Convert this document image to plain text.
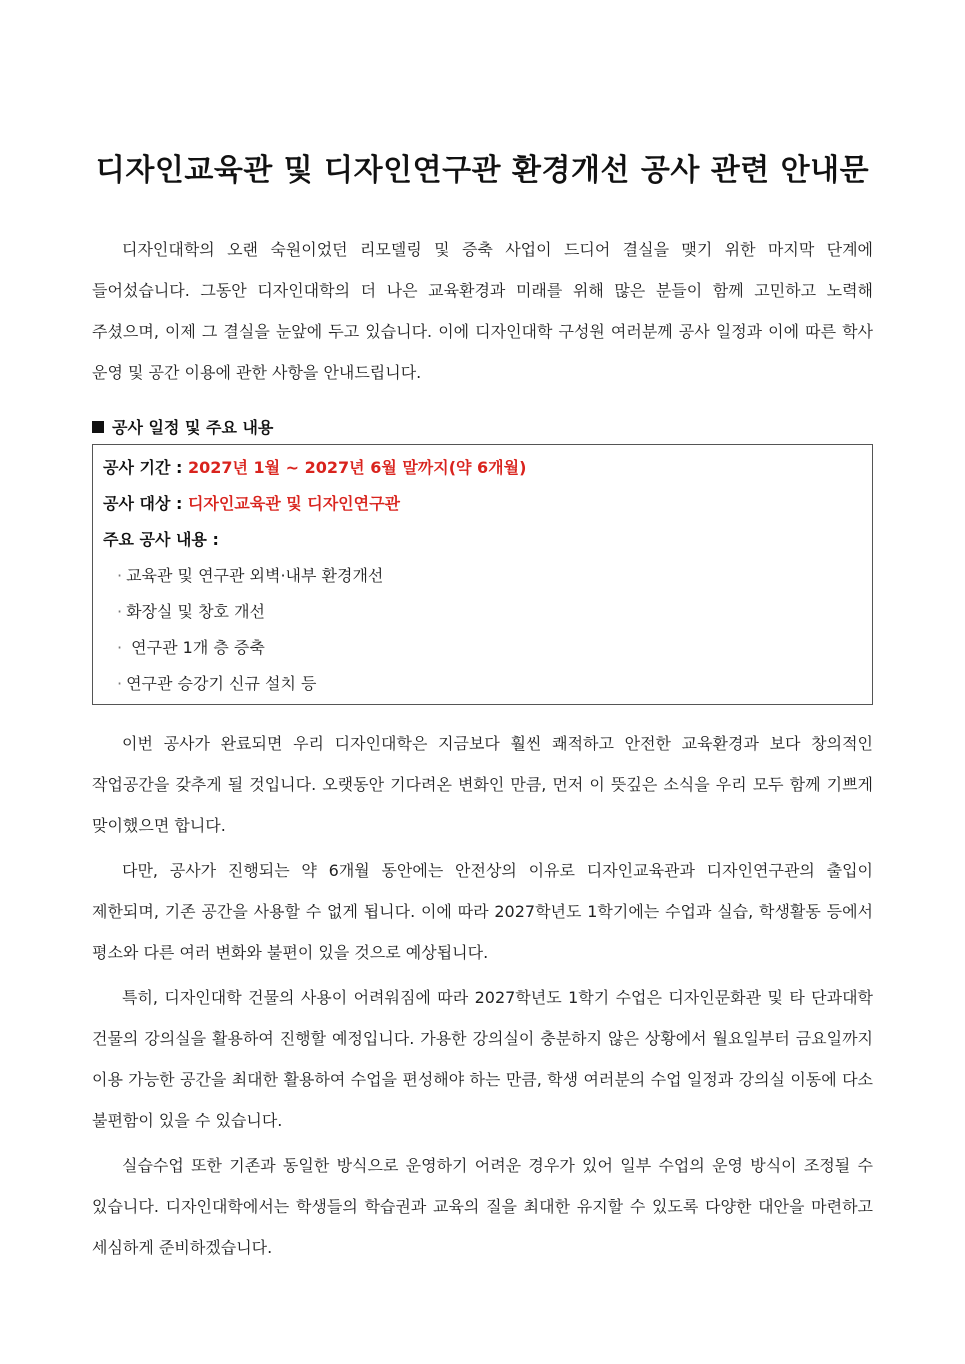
디자인교육관 및 디자인연구관 환경개선 공사 관련 안내문

디자인대학의 오랜 숙원이었던 리모델링 및 증축 사업이 드디어 결실을 맺기 위한 마지막 단계에 들어섰습니다. 그동안 디자인대학의 더 나은 교육환경과 미래를 위해 많은 분들이 함께 고민하고 노력해 주셨으며, 이제 그 결실을 눈앞에 두고 있습니다. 이에 디자인대학 구성원 여러분께 공사 일정과 이에 따른 학사 운영 및 공간 이용에 관한 사항을 안내드립니다.

공사 일정 및 주요 내용
공사 기간 : 2027년 1월 ~ 2027년 6월 말까지(약 6개월)
공사 대상 : 디자인교육관 및 디자인연구관
주요 공사 내용 :
· 교육관 및 연구관 외벽·내부 환경개선
· 화장실 및 창호 개선
· 연구관 1개 층 증축
· 연구관 승강기 신규 설치 등

이번 공사가 완료되면 우리 디자인대학은 지금보다 훨씬 쾌적하고 안전한 교육환경과 보다 창의적인 작업공간을 갖추게 될 것입니다. 오랫동안 기다려온 변화인 만큼, 먼저 이 뜻깊은 소식을 우리 모두 함께 기쁘게 맞이했으면 합니다.

다만, 공사가 진행되는 약 6개월 동안에는 안전상의 이유로 디자인교육관과 디자인연구관의 출입이 제한되며, 기존 공간을 사용할 수 없게 됩니다. 이에 따라 2027학년도 1학기에는 수업과 실습, 학생활동 등에서 평소와 다른 여러 변화와 불편이 있을 것으로 예상됩니다.

특히, 디자인대학 건물의 사용이 어려워짐에 따라 2027학년도 1학기 수업은 디자인문화관 및 타 단과대학 건물의 강의실을 활용하여 진행할 예정입니다. 가용한 강의실이 충분하지 않은 상황에서 월요일부터 금요일까지 이용 가능한 공간을 최대한 활용하여 수업을 편성해야 하는 만큼, 학생 여러분의 수업 일정과 강의실 이동에 다소 불편함이 있을 수 있습니다.

실습수업 또한 기존과 동일한 방식으로 운영하기 어려운 경우가 있어 일부 수업의 운영 방식이 조정될 수 있습니다. 디자인대학에서는 학생들의 학습권과 교육의 질을 최대한 유지할 수 있도록 다양한 대안을 마련하고 세심하게 준비하겠습니다.
